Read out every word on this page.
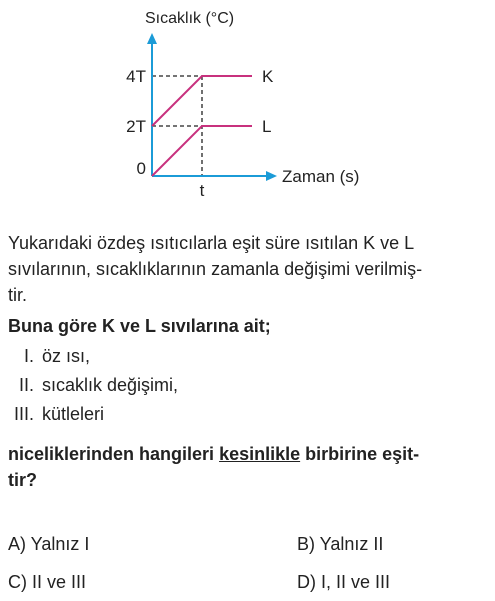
K
L
Sıcaklık (°C)
Zaman (s)
0
2T
4T
t
Yukarıdaki özdeş ısıtıcılarla eşit süre ısıtılan K ve L
sıvılarının, sıcaklıklarının zamanla değişimi verilmiş-
tir.
Buna göre K ve L sıvılarına ait;
I. öz ısı,
II. sıcaklık değişimi,
III. kütleleri
niceliklerinden hangileri kesinlikle birbirine eşit-
tir?
A) Yalnız I	B) Yalnız II
C) II ve III	D) I, II ve III
